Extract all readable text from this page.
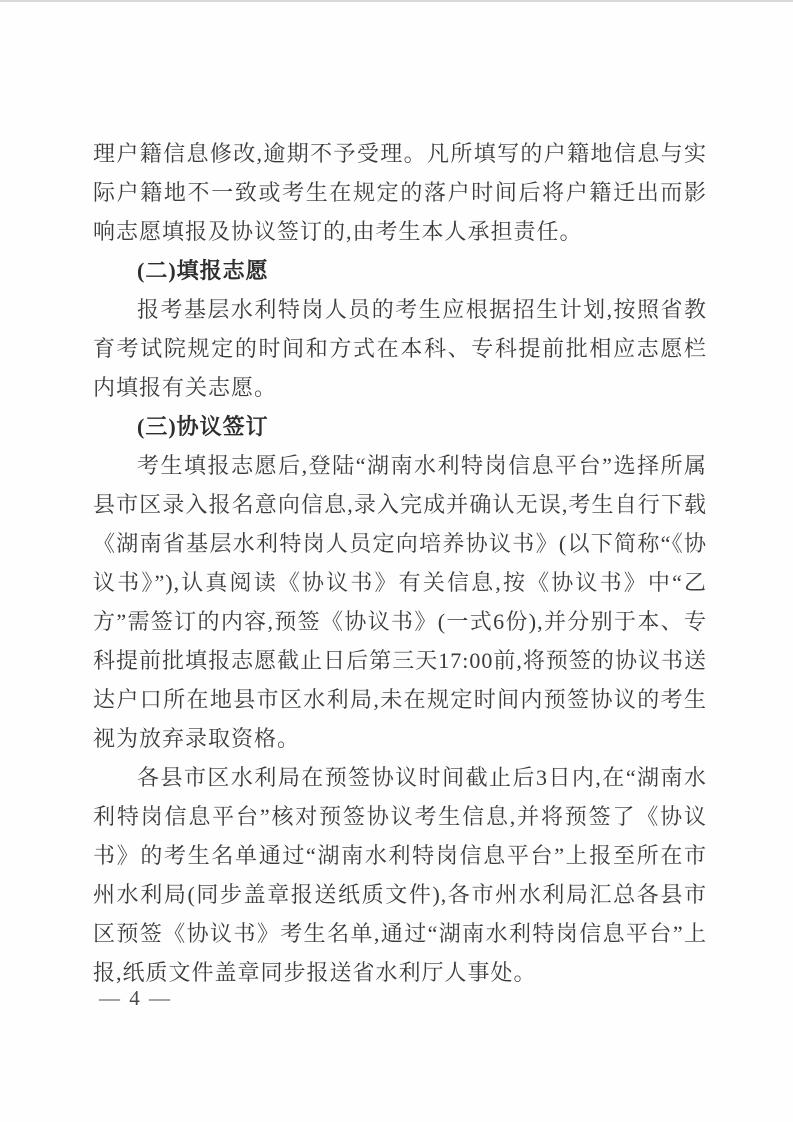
理户籍信息修改,逾期不予受理。凡所填写的户籍地信息与实际户籍地不一致或考生在规定的落户时间后将户籍迁出而影响志愿填报及协议签订的,由考生本人承担责任。

(二)填报志愿

报考基层水利特岗人员的考生应根据招生计划,按照省教育考试院规定的时间和方式在本科、专科提前批相应志愿栏内填报有关志愿。

(三)协议签订

考生填报志愿后,登陆“湖南水利特岗信息平台”选择所属县市区录入报名意向信息,录入完成并确认无误,考生自行下载《湖南省基层水利特岗人员定向培养协议书》(以下简称“《协议书》”),认真阅读《协议书》有关信息,按《协议书》中“乙方”需签订的内容,预签《协议书》(一式6份),并分别于本、专科提前批填报志愿截止日后第三天17:00前,将预签的协议书送达户口所在地县市区水利局,未在规定时间内预签协议的考生视为放弃录取资格。

各县市区水利局在预签协议时间截止后3日内,在“湖南水利特岗信息平台”核对预签协议考生信息,并将预签了《协议书》的考生名单通过“湖南水利特岗信息平台”上报至所在市州水利局(同步盖章报送纸质文件),各市州水利局汇总各县市区预签《协议书》考生名单,通过“湖南水利特岗信息平台”上报,纸质文件盖章同步报送省水利厅人事处。

— 4 —
